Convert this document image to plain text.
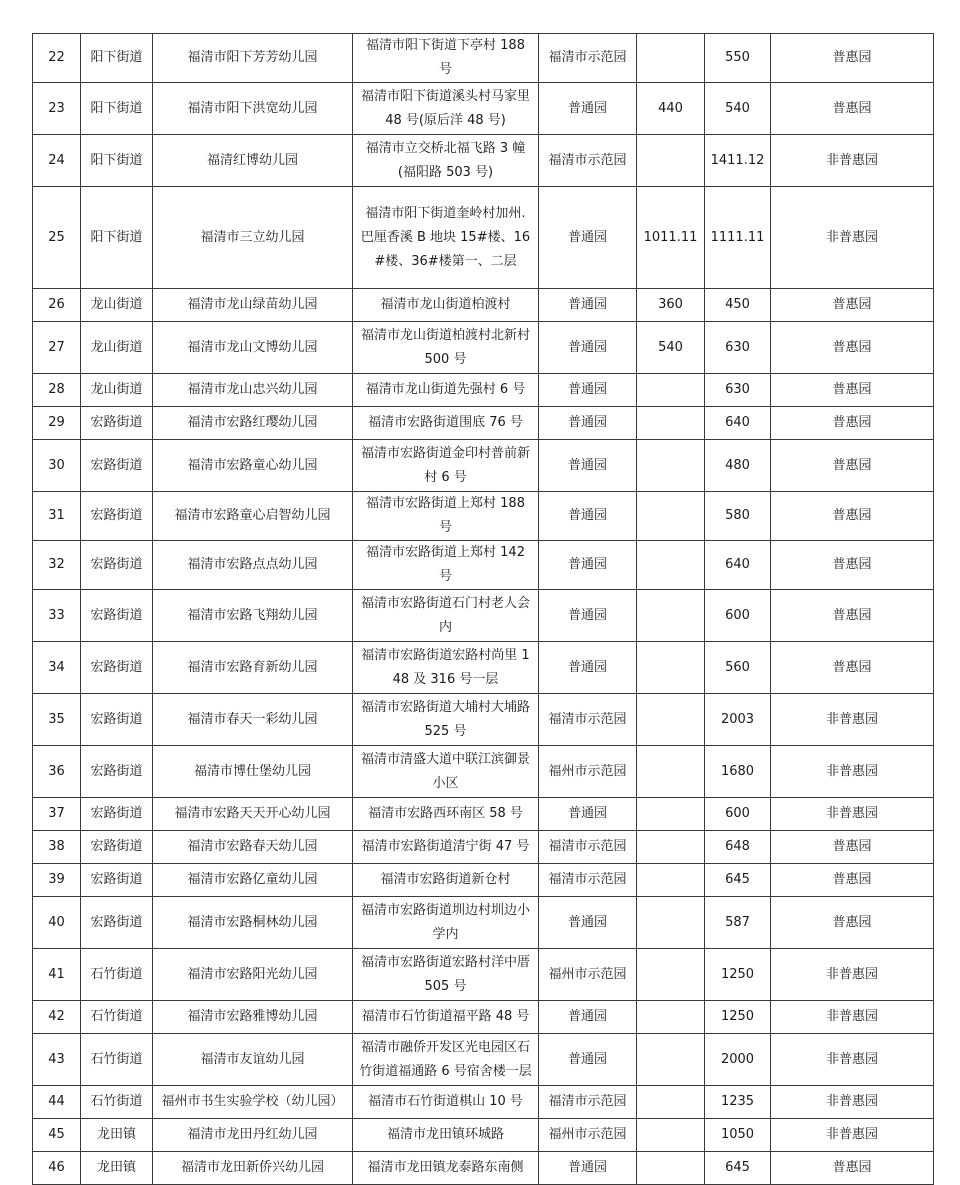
22	阳下街道	福清市阳下芳芳幼儿园	福清市阳下街道下亭村 188 号	福清市示范园		550	普惠园
23	阳下街道	福清市阳下洪宽幼儿园	福清市阳下街道溪头村马家里 48 号(原后洋 48 号)	普通园	440	540	普惠园
24	阳下街道	福清红博幼儿园	福清市立交桥北福飞路 3 幢 (福阳路 503 号)	福清市示范园		1411.12	非普惠园
25	阳下街道	福清市三立幼儿园	福清市阳下街道奎岭村加州. 巴厘香溪 B 地块 15#楼、16#楼、36#楼第一、二层	普通园	1011.11	1111.11	非普惠园
26	龙山街道	福清市龙山绿苗幼儿园	福清市龙山街道柏渡村	普通园	360	450	普惠园
27	龙山街道	福清市龙山文博幼儿园	福清市龙山街道柏渡村北新村 500 号	普通园	540	630	普惠园
28	龙山街道	福清市龙山忠兴幼儿园	福清市龙山街道先强村 6 号	普通园		630	普惠园
29	宏路街道	福清市宏路红璎幼儿园	福清市宏路街道围底 76 号	普通园		640	普惠园
30	宏路街道	福清市宏路童心幼儿园	福清市宏路街道金印村普前新村 6 号	普通园		480	普惠园
31	宏路街道	福清市宏路童心启智幼儿园	福清市宏路街道上郑村 188 号	普通园		580	普惠园
32	宏路街道	福清市宏路点点幼儿园	福清市宏路街道上郑村 142 号	普通园		640	普惠园
33	宏路街道	福清市宏路飞翔幼儿园	福清市宏路街道石门村老人会内	普通园		600	普惠园
34	宏路街道	福清市宏路育新幼儿园	福清市宏路街道宏路村尚里 148 及 316 号一层	普通园		560	普惠园
35	宏路街道	福清市春天一彩幼儿园	福清市宏路街道大埔村大埔路 525 号	福清市示范园		2003	非普惠园
36	宏路街道	福清市博仕堡幼儿园	福清市清盛大道中联江滨御景小区	福州市示范园		1680	非普惠园
37	宏路街道	福清市宏路天天开心幼儿园	福清市宏路西环南区 58 号	普通园		600	非普惠园
38	宏路街道	福清市宏路春天幼儿园	福清市宏路街道清宁街 47 号	福清市示范园		648	普惠园
39	宏路街道	福清市宏路亿童幼儿园	福清市宏路街道新仓村	福清市示范园		645	普惠园
40	宏路街道	福清市宏路桐林幼儿园	福清市宏路街道圳边村圳边小学内	普通园		587	普惠园
41	石竹街道	福清市宏路阳光幼儿园	福清市宏路街道宏路村洋中厝 505 号	福州市示范园		1250	非普惠园
42	石竹街道	福清市宏路雅博幼儿园	福清市石竹街道福平路 48 号	普通园		1250	非普惠园
43	石竹街道	福清市友谊幼儿园	福清市融侨开发区光电园区石竹街道福通路 6 号宿舍楼一层	普通园		2000	非普惠园
44	石竹街道	福州市书生实验学校（幼儿园）	福清市石竹街道棋山 10 号	福清市示范园		1235	非普惠园
45	龙田镇	福清市龙田丹红幼儿园	福清市龙田镇环城路	福州市示范园		1050	非普惠园
46	龙田镇	福清市龙田新侨兴幼儿园	福清市龙田镇龙泰路东南侧	普通园		645	普惠园
